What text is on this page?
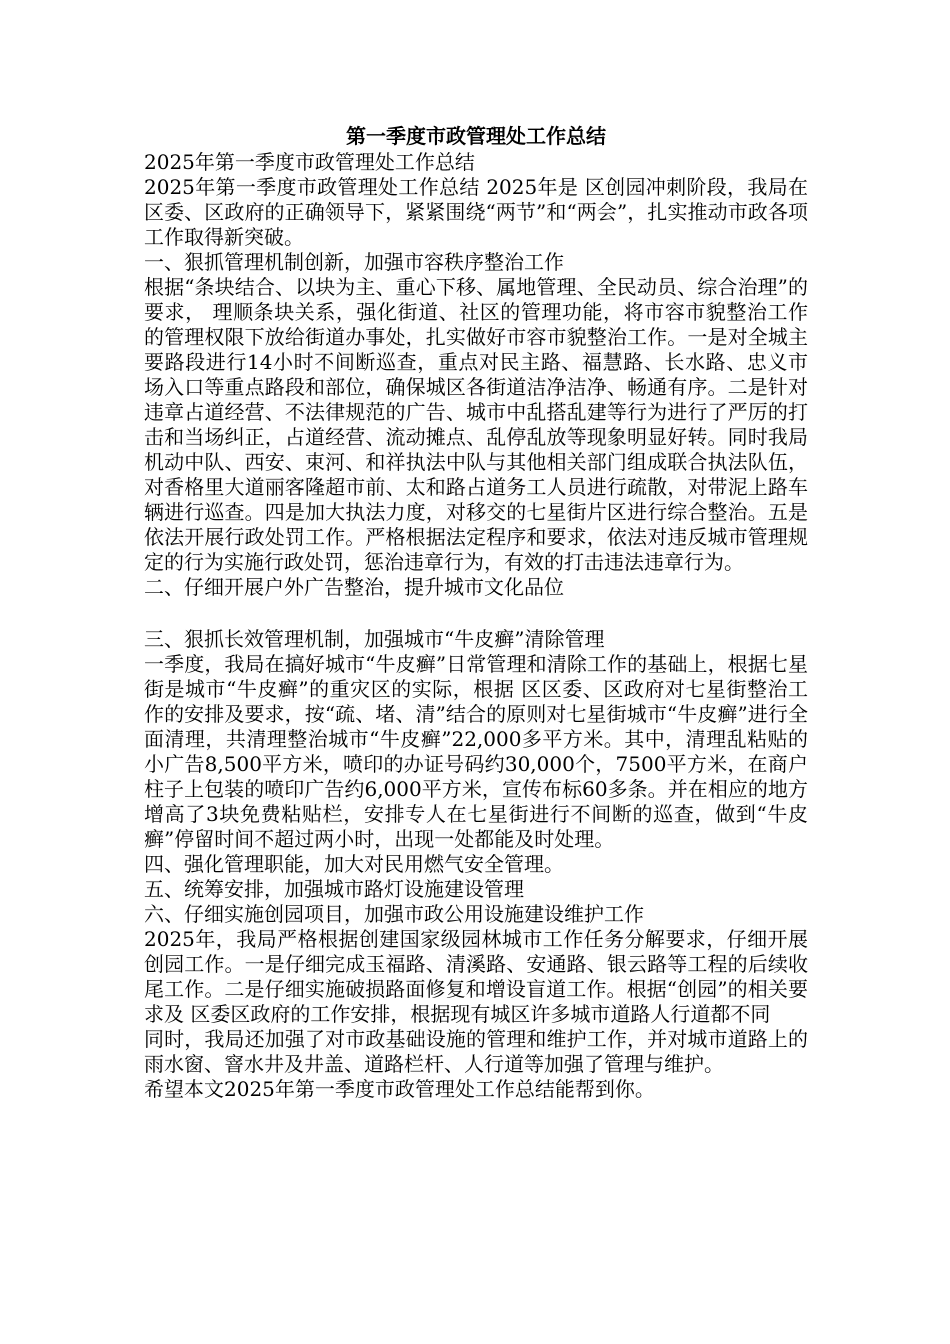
第一季度市政管理处工作总结

2025年第一季度市政管理处工作总结

2025年第一季度市政管理处工作总结 2025年是 区创园冲刺阶段，我局在区委、区政府的正确领导下，紧紧围绕“两节”和“两会”，扎实推动市政各项工作取得新突破。

一、狠抓管理机制创新，加强市容秩序整治工作

根据“条块结合、以块为主、重心下移、属地管理、全民动员、综合治理”的要求， 理顺条块关系，强化街道、社区的管理功能，将市容市貌整治工作的管理权限下放给街道办事处，扎实做好市容市貌整治工作。一是对全城主要路段进行14小时不间断巡查，重点对民主路、福慧路、长水路、忠义市场入口等重点路段和部位，确保城区各街道洁净洁净、畅通有序。二是针对违章占道经营、不法律规范的广告、城市中乱搭乱建等行为进行了严厉的打击和当场纠正，占道经营、流动摊点、乱停乱放等现象明显好转。同时我局机动中队、西安、束河、和祥执法中队与其他相关部门组成联合执法队伍，对香格里大道丽客隆超市前、太和路占道务工人员进行疏散，对带泥上路车辆进行巡查。四是加大执法力度，对移交的七星街片区进行综合整治。五是依法开展行政处罚工作。严格根据法定程序和要求，依法对违反城市管理规定的行为实施行政处罚，惩治违章行为，有效的打击违法违章行为。

二、仔细开展户外广告整治，提升城市文化品位

三、狠抓长效管理机制，加强城市“牛皮癣”清除管理

一季度，我局在搞好城市“牛皮癣”日常管理和清除工作的基础上，根据七星街是城市“牛皮癣”的重灾区的实际，根据 区区委、区政府对七星街整治工作的安排及要求，按“疏、堵、清”结合的原则对七星街城市“牛皮癣”进行全面清理，共清理整治城市“牛皮癣”22,000多平方米。其中，清理乱粘贴的小广告8,500平方米，喷印的办证号码约30,000个，7500平方米，在商户柱子上包装的喷印广告约6,000平方米，宣传布标60多条。并在相应的地方增高了3块免费粘贴栏，安排专人在七星街进行不间断的巡查，做到“牛皮癣”停留时间不超过两小时，出现一处都能及时处理。

四、强化管理职能，加大对民用燃气安全管理。

五、统筹安排，加强城市路灯设施建设管理

六、仔细实施创园项目，加强市政公用设施建设维护工作

2025年，我局严格根据创建国家级园林城市工作任务分解要求，仔细开展创园工作。一是仔细完成玉福路、清溪路、安通路、银云路等工程的后续收尾工作。二是仔细实施破损路面修复和增设盲道工作。根据“创园”的相关要求及 区委区政府的工作安排，根据现有城区许多城市道路人行道都不同

同时，我局还加强了对市政基础设施的管理和维护工作，并对城市道路上的雨水窗、窨水井及井盖、道路栏杆、人行道等加强了管理与维护。

希望本文2025年第一季度市政管理处工作总结能帮到你。
